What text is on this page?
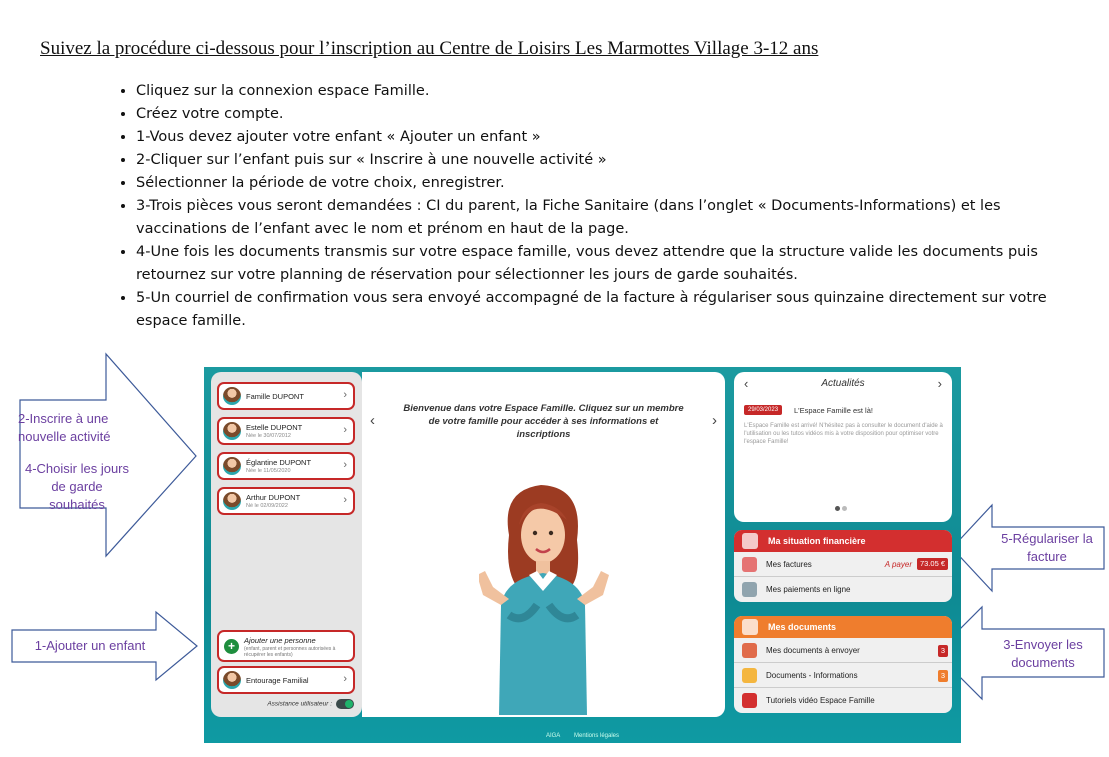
Suivez la procédure ci-dessous pour l’inscription au Centre de Loisirs Les Marmottes Village 3-12 ans
• Cliquez sur la connexion espace Famille.
• Créez votre compte.
• 1-Vous devez ajouter votre enfant « Ajouter un enfant »
• 2-Cliquer sur l’enfant puis sur « Inscrire à une nouvelle activité »
• Sélectionner la période de votre choix, enregistrer.
• 3-Trois pièces vous seront demandées : CI du parent, la Fiche Sanitaire (dans l’onglet « Documents-Informations) et les vaccinations de l’enfant avec le nom et prénom en haut de la page.
• 4-Une fois les documents transmis sur votre espace famille, vous devez attendre que la structure valide les documents puis retournez sur votre planning de réservation pour sélectionner les jours de garde souhaités.
• 5-Un courriel de confirmation vous sera envoyé accompagné de la facture à régulariser sous quinzaine directement sur votre espace famille.
2-Inscrire à une nouvelle activité
4-Choisir les jours de garde souhaités
1-Ajouter un enfant
5-Régulariser la facture
3-Envoyer les documents
Famille DUPONT	›
Estelle DUPONT
Née le 30/07/2012	›
Églantine DUPONT
Née le 11/05/2020	›
Arthur DUPONT
Né le 02/09/2022	›
+	Ajouter une personne
(enfant, parent et personnes autorisées à récupérer les enfants)
Entourage Familial	›
Assistance utilisateur :
‹	›
Bienvenue dans votre Espace Famille. Cliquez sur un membre de votre famille pour accéder à ses informations et inscriptions
‹	Actualités	›
29/03/2023	L'Espace Famille est là!
L'Espace Famille est arrivé! N'hésitez pas à consulter le document d'aide à l'utilisation ou les tutos vidéos mis à votre disposition pour optimiser votre l'espace Famille!
Ma situation financière
Mes factures	A payer	73.05 €
Mes paiements en ligne
Mes documents
Mes documents à envoyer	3
Documents - Informations	3
Tutoriels vidéo Espace Famille
AIGA Mentions légales
